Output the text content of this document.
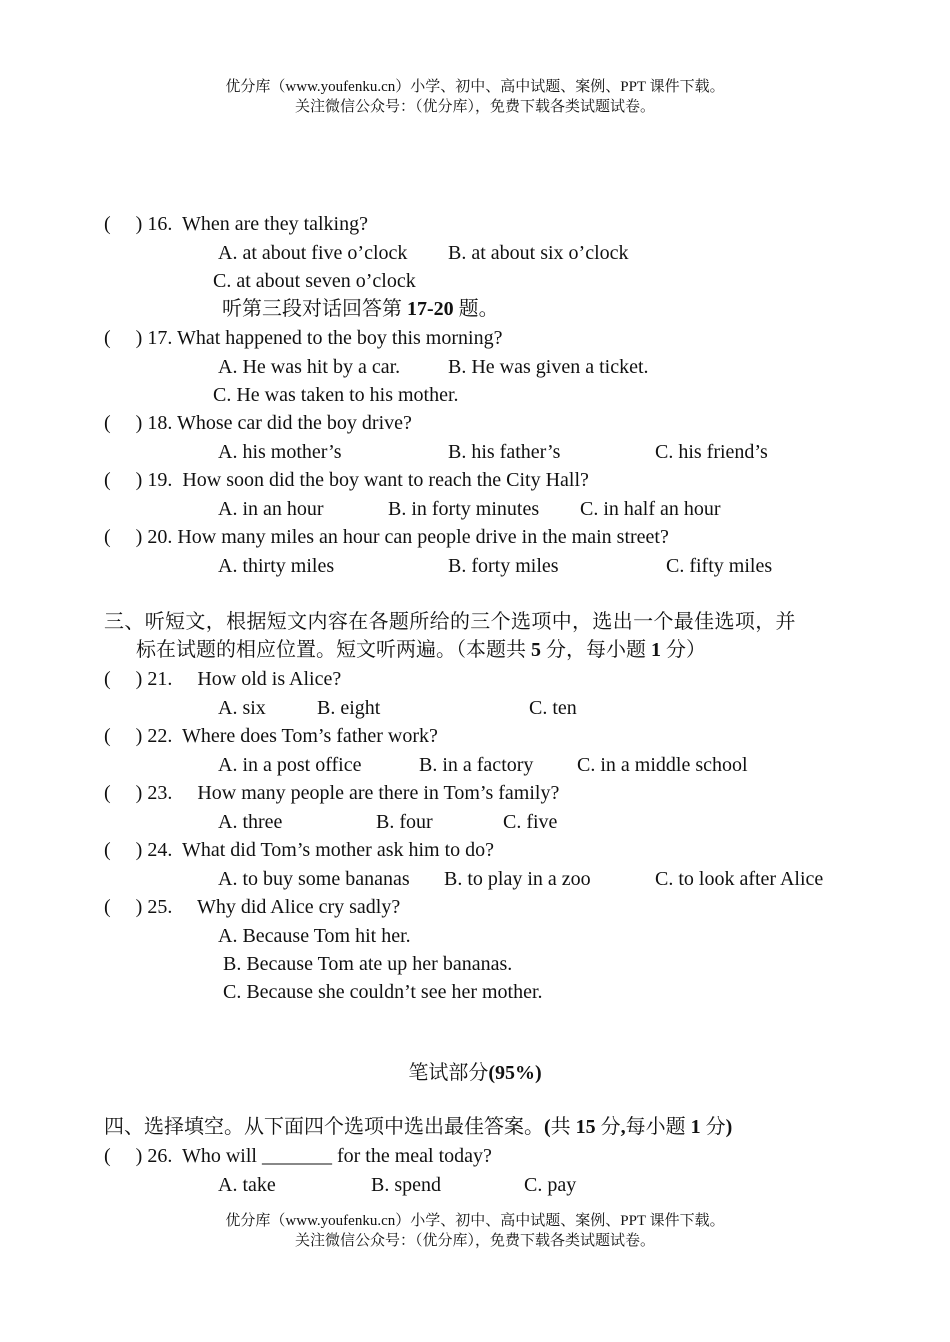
优分库（www.youfenku.cn）小学、初中、高中试题、案例、PPT 课件下载。
关注微信公众号：（优分库），免费下载各类试题试卷。
(     ) 16. When are they talking?
A. at about five o’clock B. at about six o’clock
C. at about seven o’clock
听第三段对话回答第 17-20 题。
(     ) 17. What happened to the boy this morning?
A. He was hit by a car. B. He was given a ticket.
C. He was taken to his mother.
(     ) 18. Whose car did the boy drive?
A. his mother’s	B. his father’s	C. his friend’s
(     ) 19. How soon did the boy want to reach the City Hall?
A. in an hour	B. in forty minutes C. in half an hour
(     ) 20. How many miles an hour can people drive in the main street?
A. thirty miles	B. forty miles	C. fifty miles
三、听短文，根据短文内容在各题所给的三个选项中，选出一个最佳选项，并
标在试题的相应位置。短文听两遍。（本题共 5 分，每小题 1 分）
(     ) 21. How old is Alice?
A. six	B. eight	C. ten
(     ) 22. Where does Tom’s father work?
A. in a post office	B. in a factory C. in a middle school
(     ) 23. How many people are there in Tom’s family?
A. three	B. four	C. five
(     ) 24. What did Tom’s mother ask him to do?
A. to buy some bananas B. to play in a zoo	C. to look after Alice
(     ) 25. Why did Alice cry sadly?
A. Because Tom hit her.
B. Because Tom ate up her bananas.
C. Because she couldn’t see her mother.
笔试部分(95%)
四、选择填空。从下面四个选项中选出最佳答案。(共 15 分,每小题 1 分)
(     ) 26. Who will _______ for the meal today?
A. take	B. spend	C. pay
优分库（www.youfenku.cn）小学、初中、高中试题、案例、PPT 课件下载。
关注微信公众号：（优分库），免费下载各类试题试卷。
